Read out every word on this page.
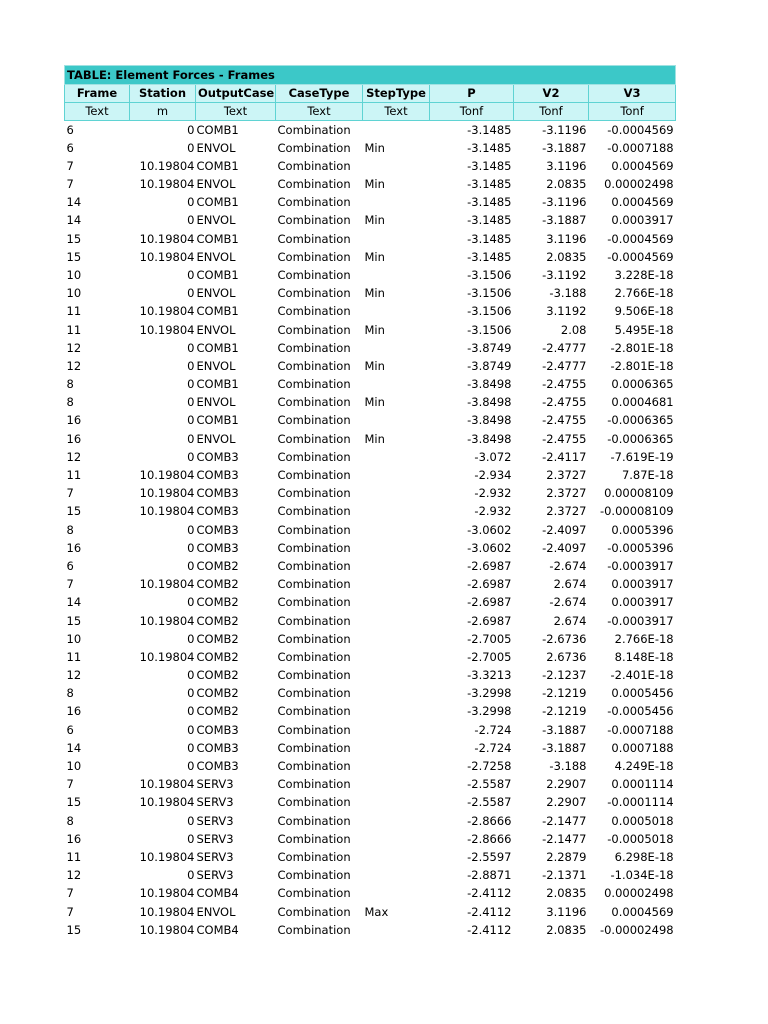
TABLE: Element Forces - Frames							
Frame	Station	OutputCase	CaseType	StepType	P	V2	V3
Text	m	Text	Text	Text	Tonf	Tonf	Tonf
6	0	COMB1	Combination		-3.1485	-3.1196	-0.0004569
6	0	ENVOL	Combination	Min	-3.1485	-3.1887	-0.0007188
7	10.19804	COMB1	Combination		-3.1485	3.1196	0.0004569
7	10.19804	ENVOL	Combination	Min	-3.1485	2.0835	0.00002498
14	0	COMB1	Combination		-3.1485	-3.1196	0.0004569
14	0	ENVOL	Combination	Min	-3.1485	-3.1887	0.0003917
15	10.19804	COMB1	Combination		-3.1485	3.1196	-0.0004569
15	10.19804	ENVOL	Combination	Min	-3.1485	2.0835	-0.0004569
10	0	COMB1	Combination		-3.1506	-3.1192	3.228E-18
10	0	ENVOL	Combination	Min	-3.1506	-3.188	2.766E-18
11	10.19804	COMB1	Combination		-3.1506	3.1192	9.506E-18
11	10.19804	ENVOL	Combination	Min	-3.1506	2.08	5.495E-18
12	0	COMB1	Combination		-3.8749	-2.4777	-2.801E-18
12	0	ENVOL	Combination	Min	-3.8749	-2.4777	-2.801E-18
8	0	COMB1	Combination		-3.8498	-2.4755	0.0006365
8	0	ENVOL	Combination	Min	-3.8498	-2.4755	0.0004681
16	0	COMB1	Combination		-3.8498	-2.4755	-0.0006365
16	0	ENVOL	Combination	Min	-3.8498	-2.4755	-0.0006365
12	0	COMB3	Combination		-3.072	-2.4117	-7.619E-19
11	10.19804	COMB3	Combination		-2.934	2.3727	7.87E-18
7	10.19804	COMB3	Combination		-2.932	2.3727	0.00008109
15	10.19804	COMB3	Combination		-2.932	2.3727	-0.00008109
8	0	COMB3	Combination		-3.0602	-2.4097	0.0005396
16	0	COMB3	Combination		-3.0602	-2.4097	-0.0005396
6	0	COMB2	Combination		-2.6987	-2.674	-0.0003917
7	10.19804	COMB2	Combination		-2.6987	2.674	0.0003917
14	0	COMB2	Combination		-2.6987	-2.674	0.0003917
15	10.19804	COMB2	Combination		-2.6987	2.674	-0.0003917
10	0	COMB2	Combination		-2.7005	-2.6736	2.766E-18
11	10.19804	COMB2	Combination		-2.7005	2.6736	8.148E-18
12	0	COMB2	Combination		-3.3213	-2.1237	-2.401E-18
8	0	COMB2	Combination		-3.2998	-2.1219	0.0005456
16	0	COMB2	Combination		-3.2998	-2.1219	-0.0005456
6	0	COMB3	Combination		-2.724	-3.1887	-0.0007188
14	0	COMB3	Combination		-2.724	-3.1887	0.0007188
10	0	COMB3	Combination		-2.7258	-3.188	4.249E-18
7	10.19804	SERV3	Combination		-2.5587	2.2907	0.0001114
15	10.19804	SERV3	Combination		-2.5587	2.2907	-0.0001114
8	0	SERV3	Combination		-2.8666	-2.1477	0.0005018
16	0	SERV3	Combination		-2.8666	-2.1477	-0.0005018
11	10.19804	SERV3	Combination		-2.5597	2.2879	6.298E-18
12	0	SERV3	Combination		-2.8871	-2.1371	-1.034E-18
7	10.19804	COMB4	Combination		-2.4112	2.0835	0.00002498
7	10.19804	ENVOL	Combination	Max	-2.4112	3.1196	0.0004569
15	10.19804	COMB4	Combination		-2.4112	2.0835	-0.00002498
